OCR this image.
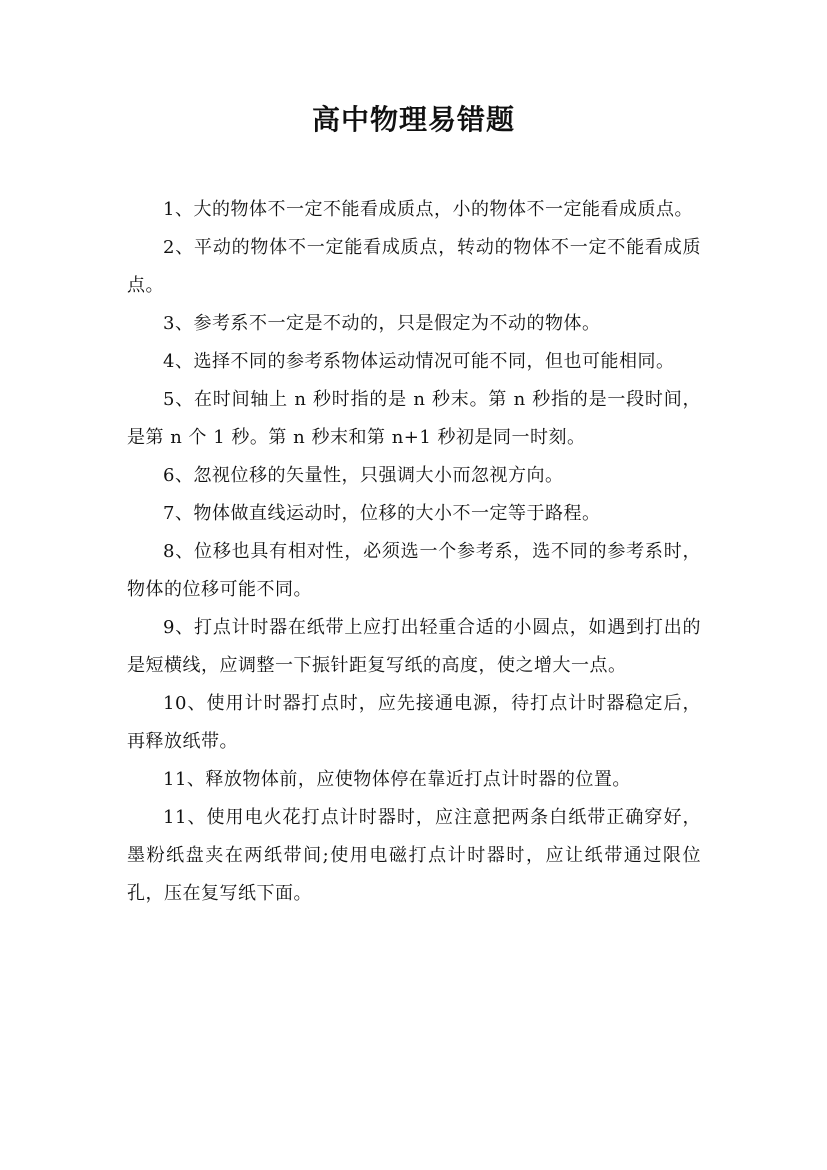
高中物理易错题

1、大的物体不一定不能看成质点，小的物体不一定能看成质点。

2、平动的物体不一定能看成质点，转动的物体不一定不能看成质点。

3、参考系不一定是不动的，只是假定为不动的物体。

4、选择不同的参考系物体运动情况可能不同，但也可能相同。

5、在时间轴上 n 秒时指的是 n 秒末。第 n 秒指的是一段时间，是第 n 个 1 秒。第 n 秒末和第 n+1 秒初是同一时刻。

6、忽视位移的矢量性，只强调大小而忽视方向。

7、物体做直线运动时，位移的大小不一定等于路程。

8、位移也具有相对性，必须选一个参考系，选不同的参考系时，物体的位移可能不同。

9、打点计时器在纸带上应打出轻重合适的小圆点，如遇到打出的是短横线，应调整一下振针距复写纸的高度，使之增大一点。

10、使用计时器打点时，应先接通电源，待打点计时器稳定后，再释放纸带。

11、释放物体前，应使物体停在靠近打点计时器的位置。

11、使用电火花打点计时器时，应注意把两条白纸带正确穿好，墨粉纸盘夹在两纸带间;使用电磁打点计时器时，应让纸带通过限位孔，压在复写纸下面。
